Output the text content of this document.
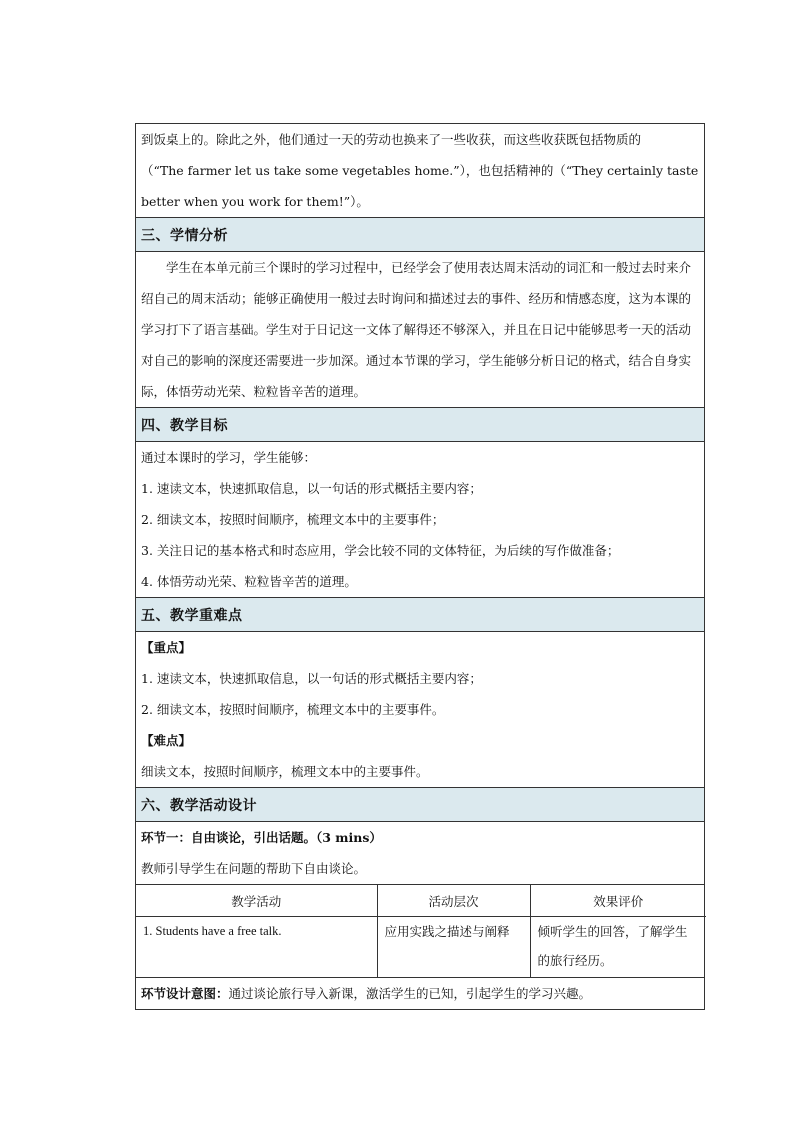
到饭桌上的。除此之外，他们通过一天的劳动也换来了一些收获，而这些收获既包括物质的
（“The farmer let us take some vegetables home.”），也包括精神的（“They certainly taste
better when you work for them!”）。

三、学情分析

学生在本单元前三个课时的学习过程中，已经学会了使用表达周末活动的词汇和一般过去时来介绍自己的周末活动；能够正确使用一般过去时询问和描述过去的事件、经历和情感态度，这为本课的学习打下了语言基础。学生对于日记这一文体了解得还不够深入，并且在日记中能够思考一天的活动对自己的影响的深度还需要进一步加深。通过本节课的学习，学生能够分析日记的格式，结合自身实际，体悟劳动光荣、粒粒皆辛苦的道理。

四、教学目标

通过本课时的学习，学生能够：
1. 速读文本，快速抓取信息，以一句话的形式概括主要内容；
2. 细读文本，按照时间顺序，梳理文本中的主要事件；
3. 关注日记的基本格式和时态应用，学会比较不同的文体特征，为后续的写作做准备；
4. 体悟劳动光荣、粒粒皆辛苦的道理。

五、教学重难点

【重点】
1. 速读文本，快速抓取信息，以一句话的形式概括主要内容；
2. 细读文本，按照时间顺序，梳理文本中的主要事件。
【难点】
细读文本，按照时间顺序，梳理文本中的主要事件。

六、教学活动设计

环节一：自由谈论，引出话题。（3 mins）
教师引导学生在问题的帮助下自由谈论。

教学活动	活动层次	效果评价
1. Students have a free talk.	应用实践之描述与阐释	倾听学生的回答，了解学生的旅行经历。

环节设计意图：通过谈论旅行导入新课，激活学生的已知，引起学生的学习兴趣。
